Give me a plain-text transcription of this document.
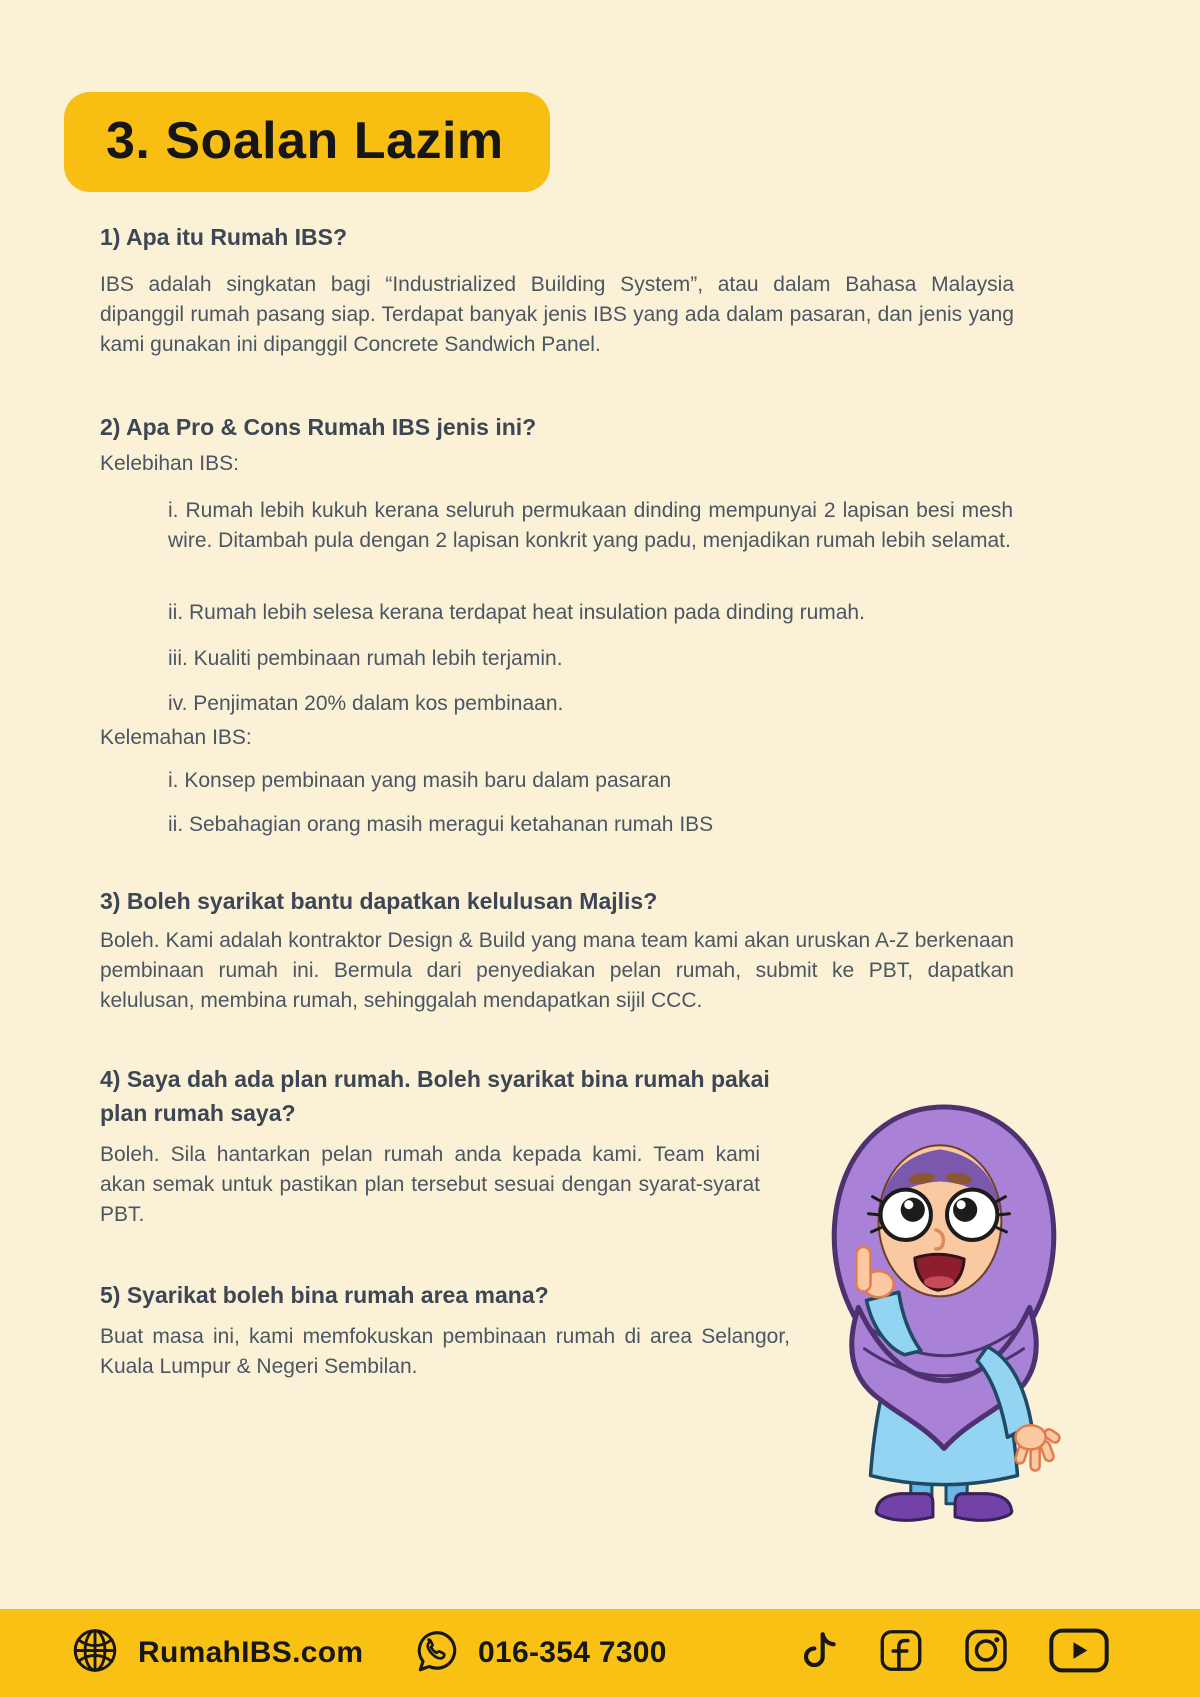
3. Soalan Lazim
1) Apa itu Rumah IBS?
IBS adalah singkatan bagi “Industrialized Building System”, atau dalam Bahasa Malaysia dipanggil rumah pasang siap. Terdapat banyak jenis IBS yang ada dalam pasaran, dan jenis yang kami gunakan ini dipanggil Concrete Sandwich Panel.
2) Apa Pro & Cons Rumah IBS jenis ini?
Kelebihan IBS:
i. Rumah lebih kukuh kerana seluruh permukaan dinding mempunyai 2 lapisan besi mesh wire. Ditambah pula dengan 2 lapisan konkrit yang padu, menjadikan rumah lebih selamat.
ii. Rumah lebih selesa kerana terdapat heat insulation pada dinding rumah.
iii. Kualiti pembinaan rumah lebih terjamin.
iv. Penjimatan 20% dalam kos pembinaan.
Kelemahan IBS:
i. Konsep pembinaan yang masih baru dalam pasaran
ii. Sebahagian orang masih meragui ketahanan rumah IBS
3) Boleh syarikat bantu dapatkan kelulusan Majlis?
Boleh. Kami adalah kontraktor Design & Build yang mana team kami akan uruskan A-Z berkenaan pembinaan rumah ini. Bermula dari penyediakan pelan rumah, submit ke PBT, dapatkan kelulusan, membina rumah, sehinggalah mendapatkan sijil CCC.
4) Saya dah ada plan rumah. Boleh syarikat bina rumah pakai plan rumah saya?
Boleh. Sila hantarkan pelan rumah anda kepada kami. Team kami akan semak untuk pastikan plan tersebut sesuai dengan syarat-syarat PBT.
5) Syarikat boleh bina rumah area mana?
Buat masa ini, kami memfokuskan pembinaan rumah di area Selangor, Kuala Lumpur & Negeri Sembilan.
RumahIBS.com	016-354 7300
